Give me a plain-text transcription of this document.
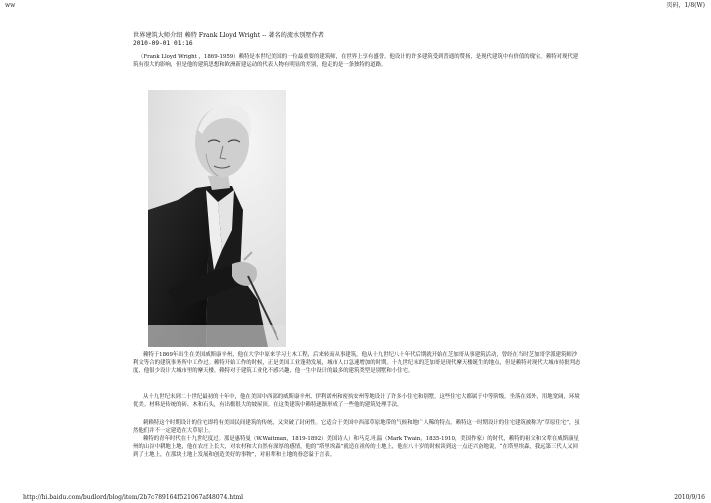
ww	页码，1/8(W)
世界建筑大师介绍 赖特 Frank Lloyd Wright -- 著名的流水别墅作者
2010-09-01 01:16
（Frank Lloyd Wright ，1869-1959）赖特是本世纪美国的一位最重要的建筑师，在世界上享有盛誉。他设计的许多建筑受到普通的赞扬，是现代建筑中有价值的瑰宝。赖特对现代建筑有很大的影响，但是他的建筑思想和欧洲新建运动的代表人物有明显的差别，他走的是一条独特的道路。

赖特于1869年出生在美国威斯康辛州，他在大学中原来学习土木工程，后来转而从事建筑。他从十九世纪八十年代后期就开始在芝加哥从事建筑活动，曾经在当时芝加哥学派建筑师沙利文等合的建筑事务所中工作过。赖特开始工作的时候，正是美国工业蓬勃发展，城市人口急速增加的时期。十九世纪末的芝加哥是现代摩天楼诞生的地点，但是赖特对现代大城市持批判态度，他很少设计大城市里的摩天楼。赖特对于建筑工业化不感兴趣，他一生中设计的最多的建筑类型是别墅和小住宅。

从十九世纪末到二十世纪最初的十年中，他在美国中西部的威斯康辛州、伊利诺州和密执安州等地设计了许多小住宅和别墅。这些住宅大都属于中等阶级，坐落在郊外，用地宽阔，环境优美。材料是传统的砖、木和石头，有出檐很大的坡屋顶。在这类建筑中赖特逐渐形成了一些他的建筑处理手法。

刺赖特这个时期设计的住宅即将有美国民间建筑的传统，又突破了封闭性。它适合于美国中西部草原地带的气候和地广人稀的特点，赖特这一时期设计的住宅建筑被称为“草原住宅”，虽然他们并不一定建造在大草原上。

赖特的青年时代在十九世纪度过。那是惠特曼（W.Waitman，1819-1892）美国诗人）和马克.吐温（Mark Twain，1835-1910，美国作家）的时代，赖特的祖父和父辈在威斯康星州的山谷中耕地上地，他在农庄上长大，对农村和大自然有深厚的感情，他的“塔里埃森”就造在祖传的土地上，他在八十岁的时候谈到这一点还兴奋地说，“在塔里埃森，我远第三代人又回到了土地上，在那块土地上发展和创造美好的事物”，对祖辈和土地的眷恋溢于言表。

http://hi.baidu.com/budlord/blog/item/2b7c789164f521067af48074.html	2010/9/16
